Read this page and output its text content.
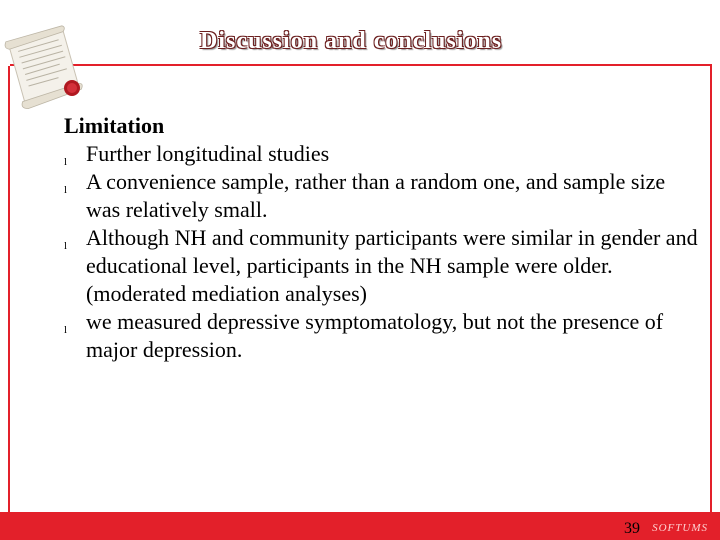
Discussion and conclusions

Limitation

l Further longitudinal studies
l A convenience sample, rather than a random one, and sample size was relatively small.
l Although NH and community participants were similar in gender and educational level, participants in the NH sample were older. (moderated mediation analyses)
l we measured depressive symptomatology, but not the presence of major depression.
39 SOFTUMS
